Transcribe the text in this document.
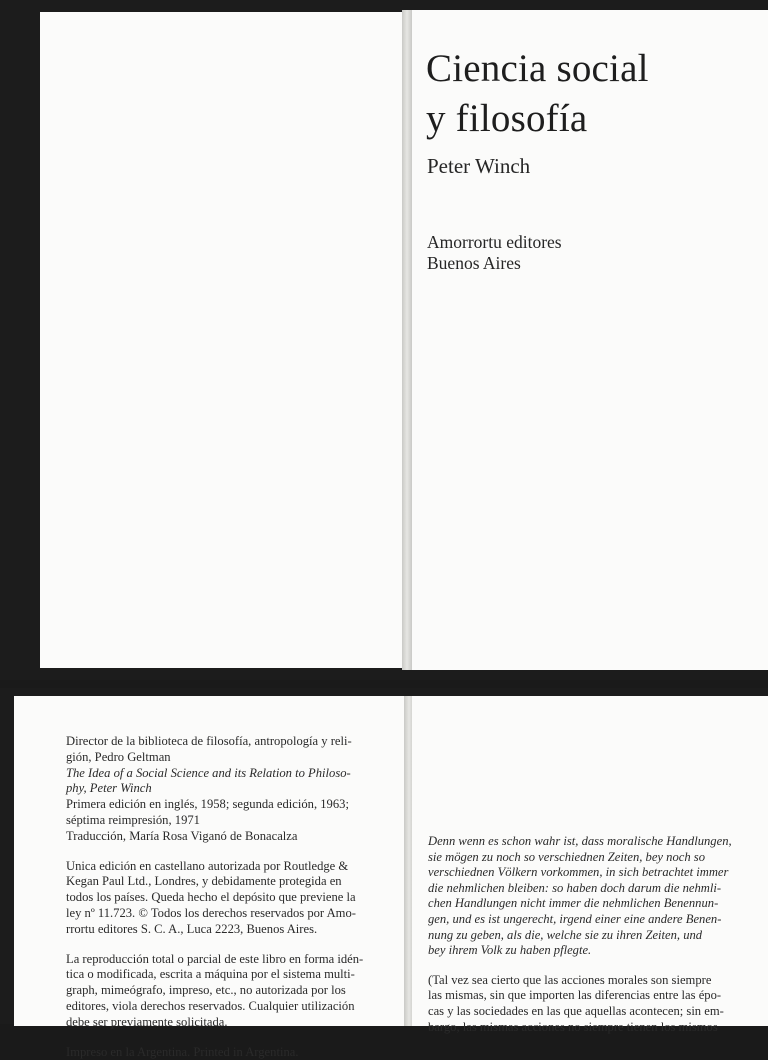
Ciencia social
y filosofía
Peter Winch
Amorrortu editores
Buenos Aires

Director de la biblioteca de filosofía, antropología y reli-
gión, Pedro Geltman
The Idea of a Social Science and its Relation to Philoso-
phy, Peter Winch
Primera edición en inglés, 1958; segunda edición, 1963;
séptima reimpresión, 1971
Traducción, María Rosa Viganó de Bonacalza

Unica edición en castellano autorizada por Routledge &
Kegan Paul Ltd., Londres, y debidamente protegida en
todos los países. Queda hecho el depósito que previene la
ley nº 11.723. © Todos los derechos reservados por Amo-
rrortu editores S. C. A., Luca 2223, Buenos Aires.

La reproducción total o parcial de este libro en forma idén-
tica o modificada, escrita a máquina por el sistema multi-
graph, mimeógrafo, impreso, etc., no autorizada por los
editores, viola derechos reservados. Cualquier utilización
debe ser previamente solicitada.

Impreso en la Argentina. Printed in Argentina.

Denn wenn es schon wahr ist, dass moralische Handlungen,
sie mögen zu noch so verschiednen Zeiten, bey noch so
verschiednen Völkern vorkommen, in sich betrachtet immer
die nehmlichen bleiben: so haben doch darum die nehmli-
chen Handlungen nicht immer die nehmlichen Benennun-
gen, und es ist ungerecht, irgend einer eine andere Benen-
nung zu geben, als die, welche sie zu ihren Zeiten, und
bey ihrem Volk zu haben pflegte.

(Tal vez sea cierto que las acciones morales son siempre
las mismas, sin que importen las diferencias entre las épo-
cas y las sociedades en las que aquellas acontecen; sin em-
bargo, las mismas acciones no siempre tienen los mismos
